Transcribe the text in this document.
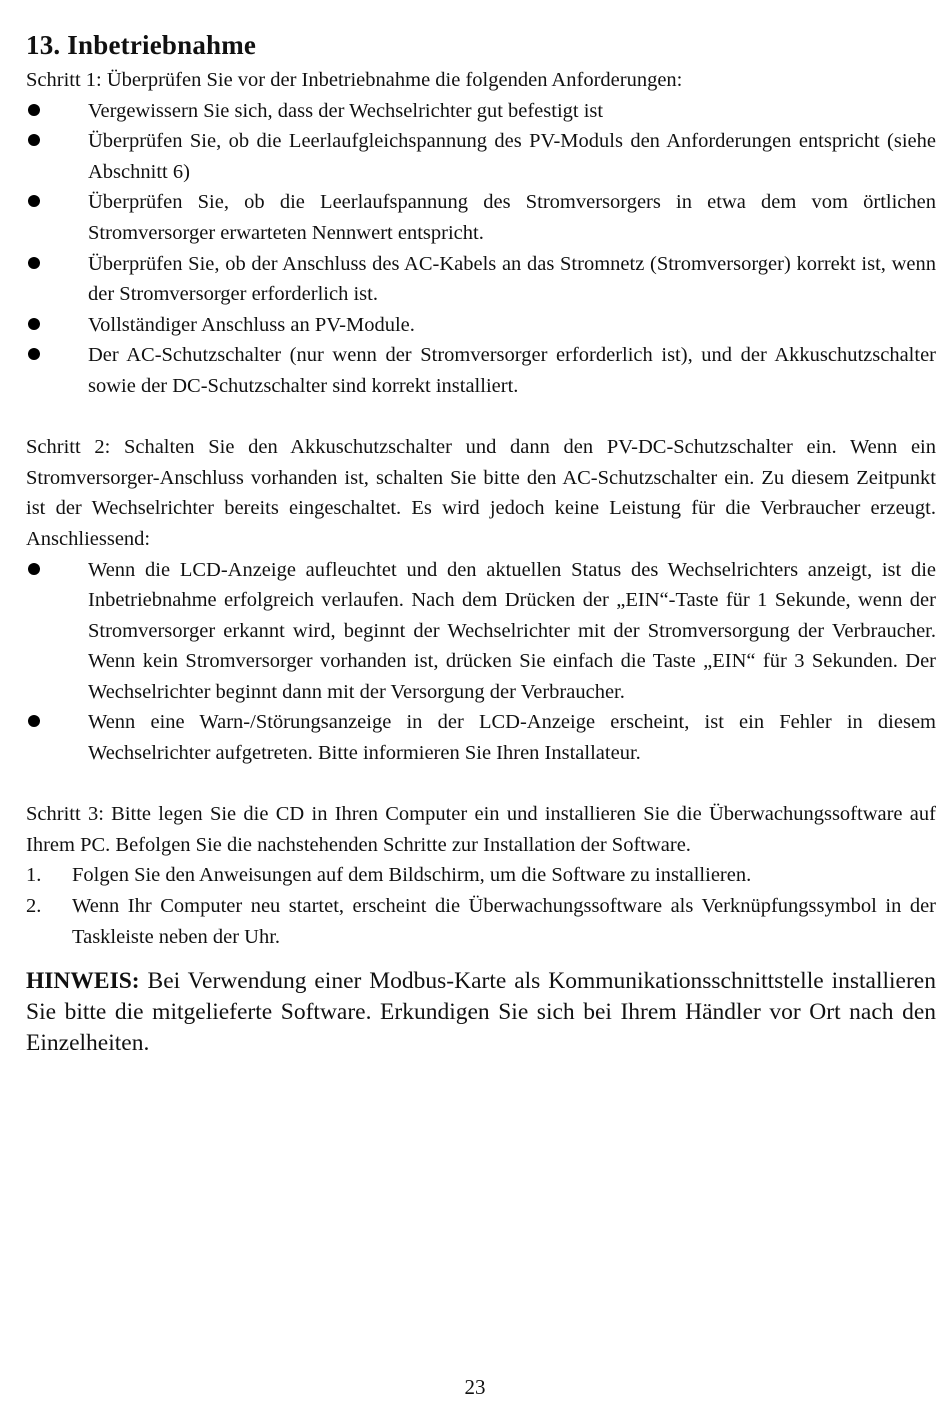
13. Inbetriebnahme

Schritt 1: Überprüfen Sie vor der Inbetriebnahme die folgenden Anforderungen:

Vergewissern Sie sich, dass der Wechselrichter gut befestigt ist
Überprüfen Sie, ob die Leerlaufgleichspannung des PV-Moduls den Anforderungen entspricht (siehe Abschnitt 6)
Überprüfen Sie, ob die Leerlaufspannung des Stromversorgers in etwa dem vom örtlichen Stromversorger erwarteten Nennwert entspricht.
Überprüfen Sie, ob der Anschluss des AC-Kabels an das Stromnetz (Stromversorger) korrekt ist, wenn der Stromversorger erforderlich ist.
Vollständiger Anschluss an PV-Module.
Der AC-Schutzschalter (nur wenn der Stromversorger erforderlich ist), und der Akkuschutzschalter sowie der DC-Schutzschalter sind korrekt installiert.

Schritt 2: Schalten Sie den Akkuschutzschalter und dann den PV-DC-Schutzschalter ein. Wenn ein Stromversorger-Anschluss vorhanden ist, schalten Sie bitte den AC-Schutzschalter ein. Zu diesem Zeitpunkt ist der Wechselrichter bereits eingeschaltet. Es wird jedoch keine Leistung für die Verbraucher erzeugt. Anschliessend:

Wenn die LCD-Anzeige aufleuchtet und den aktuellen Status des Wechselrichters anzeigt, ist die Inbetriebnahme erfolgreich verlaufen. Nach dem Drücken der „EIN“-Taste für 1 Sekunde, wenn der Stromversorger erkannt wird, beginnt der Wechselrichter mit der Stromversorgung der Verbraucher. Wenn kein Stromversorger vorhanden ist, drücken Sie einfach die Taste „EIN“ für 3 Sekunden. Der Wechselrichter beginnt dann mit der Versorgung der Verbraucher.
Wenn eine Warn-/Störungsanzeige in der LCD-Anzeige erscheint, ist ein Fehler in diesem Wechselrichter aufgetreten. Bitte informieren Sie Ihren Installateur.

Schritt 3: Bitte legen Sie die CD in Ihren Computer ein und installieren Sie die Überwachungssoftware auf Ihrem PC. Befolgen Sie die nachstehenden Schritte zur Installation der Software.

1. Folgen Sie den Anweisungen auf dem Bildschirm, um die Software zu installieren.
2. Wenn Ihr Computer neu startet, erscheint die Überwachungssoftware als Verknüpfungssymbol in der Taskleiste neben der Uhr.

HINWEIS: Bei Verwendung einer Modbus-Karte als Kommunikationsschnittstelle installieren Sie bitte die mitgelieferte Software. Erkundigen Sie sich bei Ihrem Händler vor Ort nach den Einzelheiten.

23
